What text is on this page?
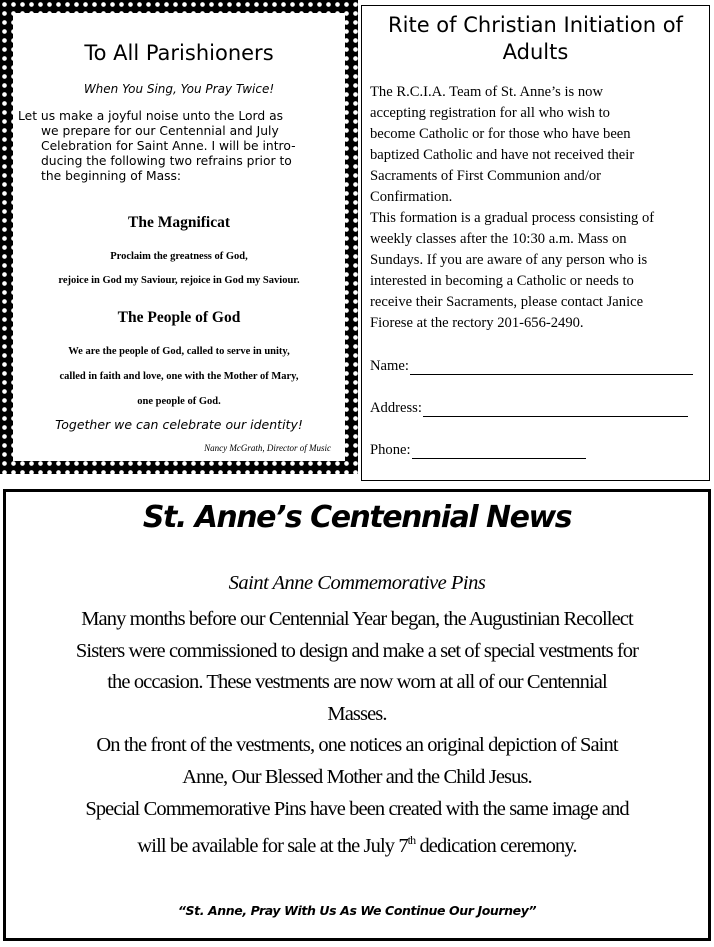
To All Parishioners
When You Sing, You Pray Twice!
Let us make a joyful noise unto the Lord as
we prepare for our Centennial and July
Celebration for Saint Anne. I will be intro-
ducing the following two refrains prior to
the beginning of Mass:
The Magnificat
Proclaim the greatness of God,
rejoice in God my Saviour, rejoice in God my Saviour.
The People of God
We are the people of God, called to serve in unity,
called in faith and love, one with the Mother of Mary,
one people of God.
Together we can celebrate our identity!
Nancy McGrath, Director of Music
Rite of Christian Initiation of
Adults
The R.C.I.A. Team of St. Anne’s is now
accepting registration for all who wish to
become Catholic or for those who have been
baptized Catholic and have not received their
Sacraments of First Communion and/or
Confirmation.
This formation is a gradual process consisting of
weekly classes after the 10:30 a.m. Mass on
Sundays. If you are aware of any person who is
interested in becoming a Catholic or needs to
receive their Sacraments, please contact Janice
Fiorese at the rectory 201-656-2490.
Name:
Address:
Phone:
St. Anne’s Centennial News
Saint Anne Commemorative Pins

Many months before our Centennial Year began, the Augustinian Recollect

Sisters were commissioned to design and make a set of special vestments for

the occasion. These vestments are now worn at all of our Centennial

Masses.

On the front of the vestments, one notices an original depiction of Saint

Anne, Our Blessed Mother and the Child Jesus.

Special Commemorative Pins have been created with the same image and

will be available for sale at the July 7th dedication ceremony.

“St. Anne, Pray With Us As We Continue Our Journey”
